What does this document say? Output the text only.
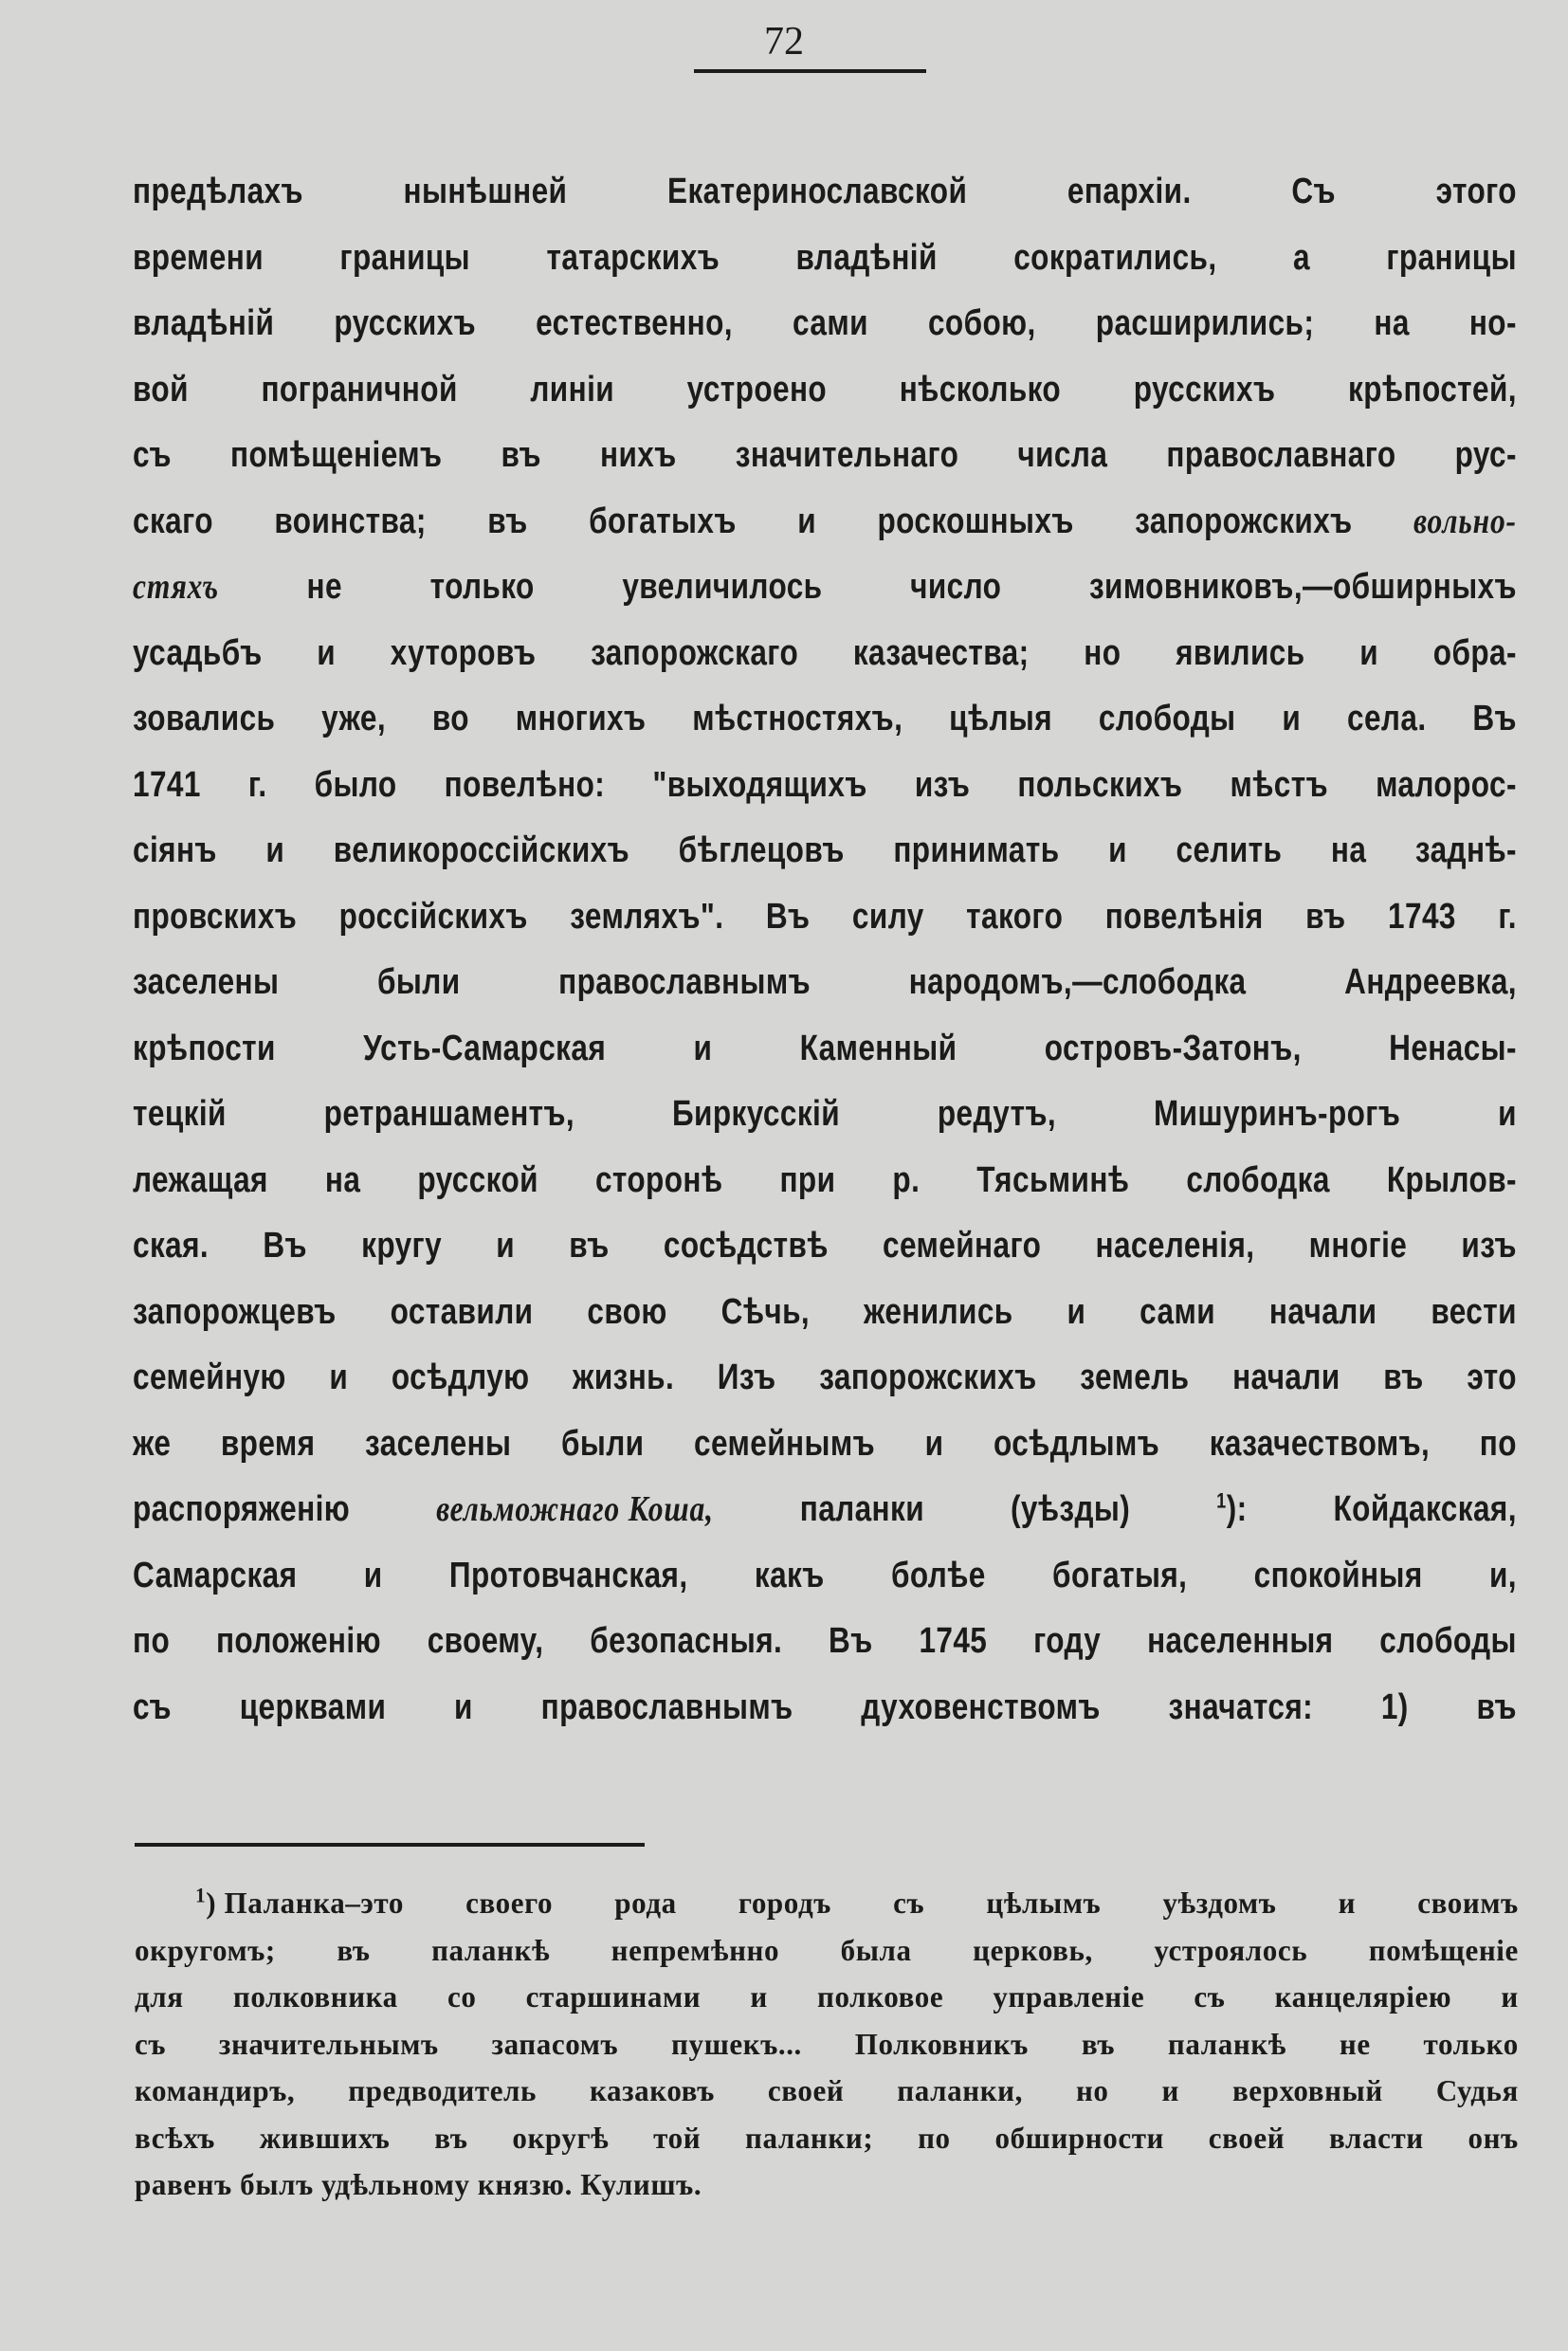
72
предѣлахъ	нынѣшней	Екатеринославской	епархіи.	Съ	этого
времени границы татарскихъ владѣній сократились, а границы
владѣній русскихъ естественно, сами собою, расширились; на но-
вой пограничной линіи устроено нѣсколько русскихъ крѣпостей,
съ помѣщеніемъ въ нихъ значительнаго числа православнаго рус-
скаго воинства; въ богатыхъ и роскошныхъ запорожскихъ вольно-
стяхъ не только увеличилось число зимовниковъ,—обширныхъ
усадьбъ и хуторовъ запорожскаго казачества; но явились и обра-
зовались уже, во многихъ мѣстностяхъ, цѣлыя слободы и села. Въ
1741 г. было повелѣно: "выходящихъ изъ польскихъ мѣстъ малорос-
сіянъ и великороссійскихъ бѣглецовъ принимать и селить на заднѣ-
провскихъ россійскихъ земляхъ". Въ силу такого повелѣнія въ 1743 г.
заселены	были	православнымъ	народомъ,—слободка	Андреевка,
крѣпости Усть-Самарская и Каменный островъ-Затонъ, Ненасы-
тецкій	ретраншаментъ,	Биркусскій	редутъ,	Мишуринъ-рогъ	и
лежащая на русской сторонѣ при р. Тясьминѣ слободка Крылов-
ская. Въ кругу и въ сосѣдствѣ семейнаго населенія, многіе изъ
запорожцевъ оставили свою Сѣчь, женились и сами начали вести
семейную и осѣдлую жизнь. Изъ запорожскихъ земель начали въ это
же время заселены были семейнымъ и осѣдлымъ казачествомъ, по
распоряженію вельможнаго Коша, паланки (уѣзды)	$^1$): Койдакская,
Самарская и Протовчанская, какъ болѣе богатыя, спокойныя и,
по положенію своему, безопасныя. Въ 1745 году населенныя слободы
съ церквами и православнымъ духовенствомъ значатся: 1) въ
$^1$) Паланка–это своего рода городъ съ цѣлымъ уѣздомъ и своимъ
округомъ; въ паланкѣ непремѣнно была церковь, устроялось помѣщеніе
для полковника со старшинами и полковое управленіе съ канцеляріею и
съ значительнымъ запасомъ пушекъ... Полковникъ въ паланкѣ не только
командиръ, предводитель казаковъ своей паланки, но и верховный Судья
всѣхъ жившихъ въ округѣ той паланки; по обширности своей власти онъ
равенъ
былъ
удѣльному
князю.
Кулишъ.
